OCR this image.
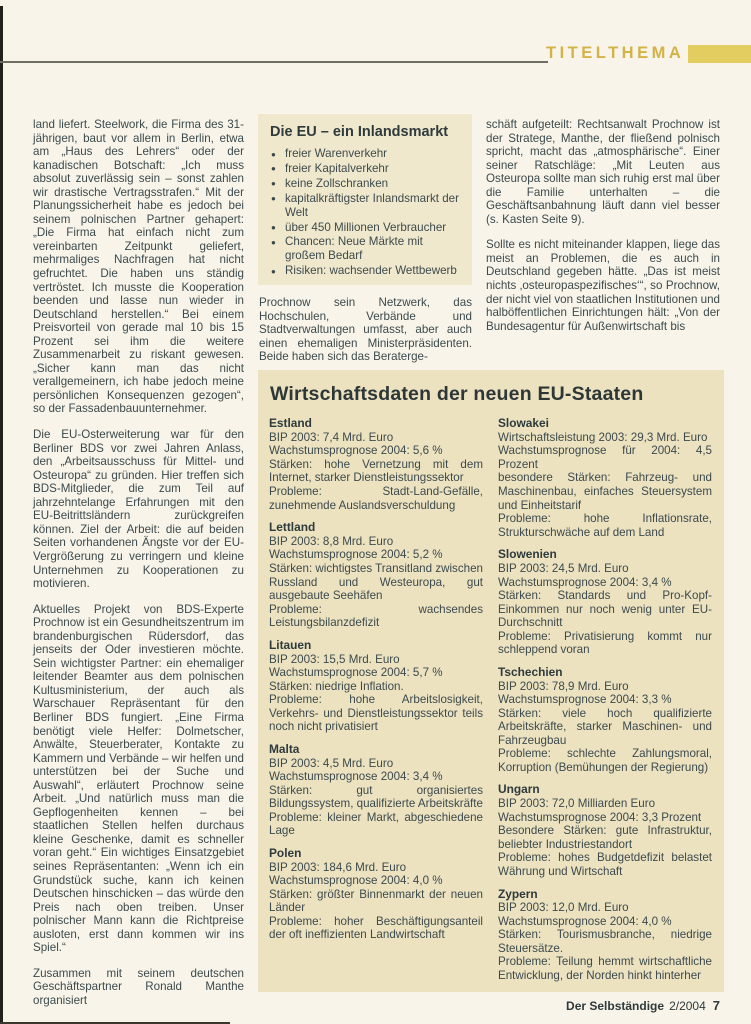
TITELTHEMA

land liefert. Steelwork, die Firma des 31-jährigen, baut vor allem in Berlin, etwa am „Haus des Lehrers“ oder der kanadischen Botschaft: „Ich muss absolut zuverlässig sein – sonst zahlen wir drastische Vertragsstrafen.“ Mit der Planungssicherheit habe es jedoch bei seinem polnischen Partner gehapert: „Die Firma hat einfach nicht zum vereinbarten Zeitpunkt geliefert, mehrmaliges Nachfragen hat nicht gefruchtet. Die haben uns ständig vertröstet. Ich musste die Kooperation beenden und lasse nun wieder in Deutschland herstellen.“ Bei einem Preisvorteil von gerade mal 10 bis 15 Prozent sei ihm die weitere Zusammenarbeit zu riskant gewesen. „Sicher kann man das nicht verallgemeinern, ich habe jedoch meine persönlichen Konsequenzen gezogen“, so der Fassadenbauunternehmer.

Die EU-Osterweiterung war für den Berliner BDS vor zwei Jahren Anlass, den „Arbeitsausschuss für Mittel- und Osteuropa“ zu gründen. Hier treffen sich BDS-Mitglieder, die zum Teil auf jahrzehntelange Erfahrungen mit den EU-Beitrittsländern zurückgreifen können. Ziel der Arbeit: die auf beiden Seiten vorhandenen Ängste vor der EU-Vergrößerung zu verringern und kleine Unternehmen zu Kooperationen zu motivieren.

Aktuelles Projekt von BDS-Experte Prochnow ist ein Gesundheitszentrum im brandenburgischen Rüdersdorf, das jenseits der Oder investieren möchte. Sein wichtigster Partner: ein ehemaliger leitender Beamter aus dem polnischen Kultusministerium, der auch als Warschauer Repräsentant für den Berliner BDS fungiert. „Eine Firma benötigt viele Helfer: Dolmetscher, Anwälte, Steuerberater, Kontakte zu Kammern und Verbände – wir helfen und unterstützen bei der Suche und Auswahl“, erläutert Prochnow seine Arbeit. „Und natürlich muss man die Gepflogenheiten kennen – bei staatlichen Stellen helfen durchaus kleine Geschenke, damit es schneller voran geht.“ Ein wichtiges Einsatzgebiet seines Repräsentanten: „Wenn ich ein Grundstück suche, kann ich keinen Deutschen hinschicken – das würde den Preis nach oben treiben. Unser polnischer Mann kann die Richtpreise ausloten, erst dann kommen wir ins Spiel.“

Zusammen mit seinem deutschen Geschäftspartner Ronald Manthe organisiert

Die EU – ein Inlandsmarkt
● freier Warenverkehr
● freier Kapitalverkehr
● keine Zollschranken
● kapitalkräftigster Inlandsmarkt der Welt
● über 450 Millionen Verbraucher
● Chancen: Neue Märkte mit großem Bedarf
● Risiken: wachsender Wettbewerb

Prochnow sein Netzwerk, das Hochschulen, Verbände und Stadtverwaltungen umfasst, aber auch einen ehemaligen Ministerpräsidenten. Beide haben sich das Beraterge-

schäft aufgeteilt: Rechtsanwalt Prochnow ist der Stratege, Manthe, der fließend polnisch spricht, macht das „atmosphärische“. Einer seiner Ratschläge: „Mit Leuten aus Osteuropa sollte man sich ruhig erst mal über die Familie unterhalten – die Geschäftsanbahnung läuft dann viel besser (s. Kasten Seite 9).

Sollte es nicht miteinander klappen, liege das meist an Problemen, die es auch in Deutschland gegeben hätte. „Das ist meist nichts ‚osteuropaspezifisches‘“, so Prochnow, der nicht viel von staatlichen Institutionen und halböffentlichen Einrichtungen hält: „Von der Bundesagentur für Außenwirtschaft bis

Wirtschaftsdaten der neuen EU-Staaten
Estland
BIP 2003: 7,4 Mrd. Euro
Wachstumsprognose 2004: 5,6 %
Stärken: hohe Vernetzung mit dem Internet, starker Dienstleistungssektor
Probleme: Stadt-Land-Gefälle, zunehmende Auslandsverschuldung
Lettland
BIP 2003: 8,8 Mrd. Euro
Wachstumsprognose 2004: 5,2 %
Stärken: wichtigstes Transitland zwischen Russland und Westeuropa, gut ausgebaute Seehäfen
Probleme: wachsendes Leistungsbilanzdefizit
Litauen
BIP 2003: 15,5 Mrd. Euro
Wachstumsprognose 2004: 5,7 %
Stärken: niedrige Inflation.
Probleme: hohe Arbeitslosigkeit, Verkehrs- und Dienstleistungssektor teils noch nicht privatisiert
Malta
BIP 2003: 4,5 Mrd. Euro
Wachstumsprognose 2004: 3,4 %
Stärken: gut organisiertes Bildungssystem, qualifizierte Arbeitskräfte
Probleme: kleiner Markt, abgeschiedene Lage
Polen
BIP 2003: 184,6 Mrd. Euro
Wachstumsprognose 2004: 4,0 %
Stärken: größter Binnenmarkt der neuen Länder
Probleme: hoher Beschäftigungsanteil der oft ineffizienten Landwirtschaft
Slowakei
Wirtschaftsleistung 2003: 29,3 Mrd. Euro
Wachstumsprognose für 2004: 4,5 Prozent
besondere Stärken: Fahrzeug- und Maschinenbau, einfaches Steuersystem und Einheitstarif
Probleme: hohe Inflationsrate, Strukturschwäche auf dem Land
Slowenien
BIP 2003: 24,5 Mrd. Euro
Wachstumsprognose 2004: 3,4 %
Stärken: Standards und Pro-Kopf-Einkommen nur noch wenig unter EU-Durchschnitt
Probleme: Privatisierung kommt nur schleppend voran
Tschechien
BIP 2003: 78,9 Mrd. Euro
Wachstumsprognose 2004: 3,3 %
Stärken: viele hoch qualifizierte Arbeitskräfte, starker Maschinen- und Fahrzeugbau
Probleme: schlechte Zahlungsmoral, Korruption (Bemühungen der Regierung)
Ungarn
BIP 2003: 72,0 Milliarden Euro
Wachstumsprognose 2004: 3,3 Prozent
Besondere Stärken: gute Infrastruktur, beliebter Industriestandort
Probleme: hohes Budgetdefizit belastet Währung und Wirtschaft
Zypern
BIP 2003: 12,0 Mrd. Euro
Wachstumsprognose 2004: 4,0 %
Stärken: Tourismusbranche, niedrige Steuersätze.
Probleme: Teilung hemmt wirtschaftliche Entwicklung, der Norden hinkt hinterher
Der Selbständige 2/2004 7
